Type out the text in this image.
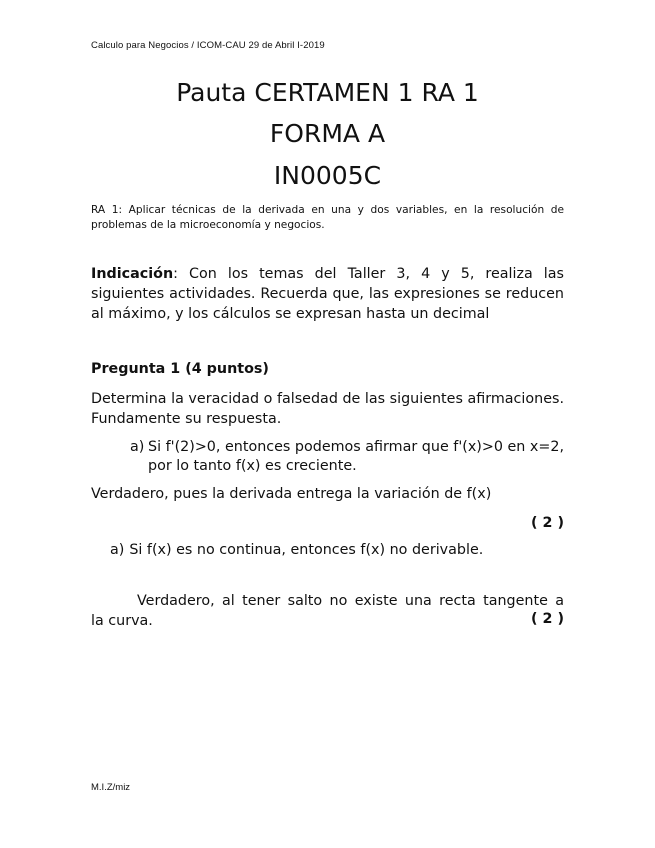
Calculo para Negocios / ICOM-CAU 29 de Abril I-2019
Pauta CERTAMEN 1 RA 1
FORMA A
IN0005C
RA 1: Aplicar técnicas de la derivada en una y dos variables, en la resolución de problemas de la microeconomía y negocios.
Indicación: Con los temas del Taller 3, 4 y 5, realiza las siguientes actividades. Recuerda que, las expresiones se reducen al máximo, y los cálculos se expresan hasta un decimal
Pregunta 1 (4 puntos)
Determina la veracidad o falsedad de las siguientes afirmaciones. Fundamente su respuesta.
a) Si f'(2)>0, entonces podemos afirmar que f'(x)>0 en x=2, por lo tanto f(x) es creciente.
Verdadero, pues la derivada entrega la variación de f(x)
( 2 )
a) Si f(x) es no continua, entonces f(x) no derivable.
Verdadero, al tener salto no existe una recta tangente a
la curva.	( 2 )
M.I.Z/miz
